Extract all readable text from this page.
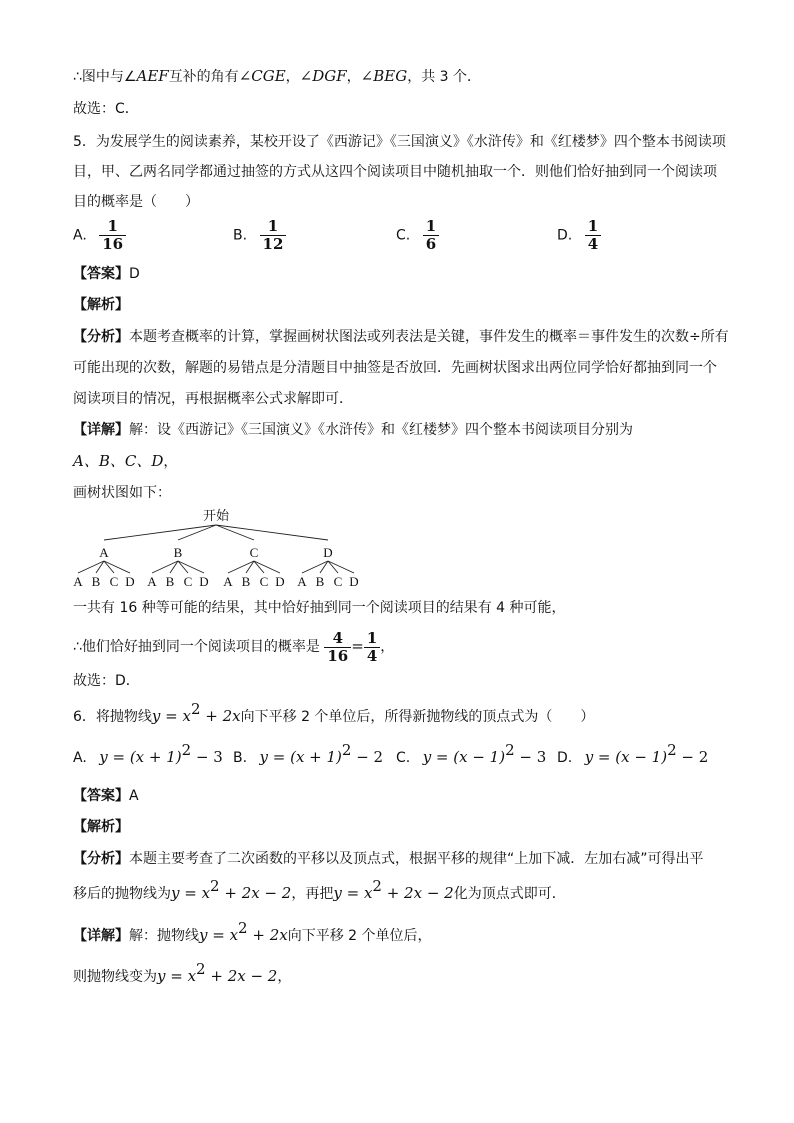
∴图中与∠AEF互补的角有∠CGE，∠DGF，∠BEG，共 3 个．
故选：C．
5．为发展学生的阅读素养，某校开设了《西游记》《三国演义》《水浒传》和《红楼梦》四个整本书阅读项
目，甲、乙两名同学都通过抽签的方式从这四个阅读项目中随机抽取一个．则他们恰好抽到同一个阅读项
目的概率是（　　）
A. $\frac{1}{16}$	B. $\frac{1}{12}$	C. $\frac{1}{6}$	D. $\frac{1}{4}$
【答案】D
【解析】
【分析】本题考查概率的计算，掌握画树状图法或列表法是关键，事件发生的概率＝事件发生的次数÷所有
可能出现的次数，解题的易错点是分清题目中抽签是否放回．先画树状图求出两位同学恰好都抽到同一个
阅读项目的情况，再根据概率公式求解即可．
【详解】解：设《西游记》《三国演义》《水浒传》和《红楼梦》四个整本书阅读项目分别为
A、B、C、D，
画树状图如下：
开始
A	B	C	D
A B C D A B C D A B C D A B C D
一共有 16 种等可能的结果，其中恰好抽到同一个阅读项目的结果有 4 种可能，
∴他们恰好抽到同一个阅读项目的概率是 $\frac{4}{16} = \frac{1}{4}$ ，
故选：D．
6．将抛物线$y = x^2 + 2x$向下平移 2 个单位后，所得新抛物线的顶点式为（　　）
A. $y = (x + 1)^2 - 3$ B. $y = (x + 1)^2 - 2$ C. $y = (x - 1)^2 - 3$ D. $y = (x - 1)^2 - 2$
【答案】A
【解析】
【分析】本题主要考查了二次函数的平移以及顶点式，根据平移的规律“上加下减．左加右减”可得出平
移后的抛物线为$y = x^2 + 2x - 2$，再把$y = x^2 + 2x - 2$化为顶点式即可．
【详解】解：抛物线$y = x^2 + 2x$向下平移 2 个单位后，
则抛物线变为$y = x^2 + 2x - 2$，
